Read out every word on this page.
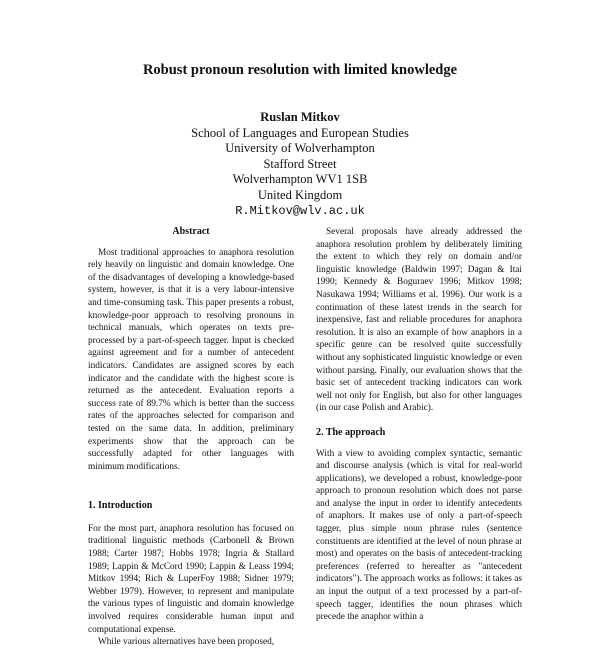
Robust pronoun resolution with limited knowledge
Ruslan Mitkov
School of Languages and European Studies
University of Wolverhampton
Stafford Street
Wolverhampton WV1 1SB
United Kingdom
R.Mitkov@wlv.ac.uk
Abstract

Most traditional approaches to anaphora resolution rely heavily on linguistic and domain knowledge. One of the disadvantages of developing a knowledge-based system, however, is that it is a very labour-intensive and time-consuming task. This paper presents a robust, knowledge-poor approach to resolving pronouns in technical manuals, which operates on texts pre-processed by a part-of-speech tagger. Input is checked against agreement and for a number of antecedent indicators. Candidates are assigned scores by each indicator and the candidate with the highest score is returned as the antecedent. Evaluation reports a success rate of 89.7% which is better than the success rates of the approaches selected for comparison and tested on the same data. In addition, preliminary experiments show that the approach can be successfully adapted for other languages with minimum modifications.

1. Introduction

For the most part, anaphora resolution has focused on traditional linguistic methods (Carbonell & Brown 1988; Carter 1987; Hobbs 1978; Ingria & Stallard 1989; Lappin & McCord 1990; Lappin & Leass 1994; Mitkov 1994; Rich & LuperFoy 1988; Sidner 1979; Webber 1979). However, to represent and manipulate the various types of linguistic and domain knowledge involved requires considerable human input and computational expense.

While various alternatives have been proposed,

Several proposals have already addressed the anaphora resolution problem by deliberately limiting the extent to which they rely on domain and/or linguistic knowledge (Baldwin 1997; Dagan & Itai 1990; Kennedy & Boguraev 1996; Mitkov 1998; Nasukawa 1994; Williams et al. 1996). Our work is a continuation of these latest trends in the search for inexpensive, fast and reliable procedures for anaphora resolution. It is also an example of how anaphors in a specific genre can be resolved quite successfully without any sophisticated linguistic knowledge or even without parsing. Finally, our evaluation shows that the basic set of antecedent tracking indicators can work well not only for English, but also for other languages (in our case Polish and Arabic).

2. The approach

With a view to avoiding complex syntactic, semantic and discourse analysis (which is vital for real-world applications), we developed a robust, knowledge-poor approach to pronoun resolution which does not parse and analyse the input in order to identify antecedents of anaphors. It makes use of only a part-of-speech tagger, plus simple noun phrase rules (sentence constituents are identified at the level of noun phrase at most) and operates on the basis of antecedent-tracking preferences (referred to hereafter as "antecedent indicators"). The approach works as follows: it takes as an input the output of a text processed by a part-of-speech tagger, identifies the noun phrases which precede the anaphor within a
